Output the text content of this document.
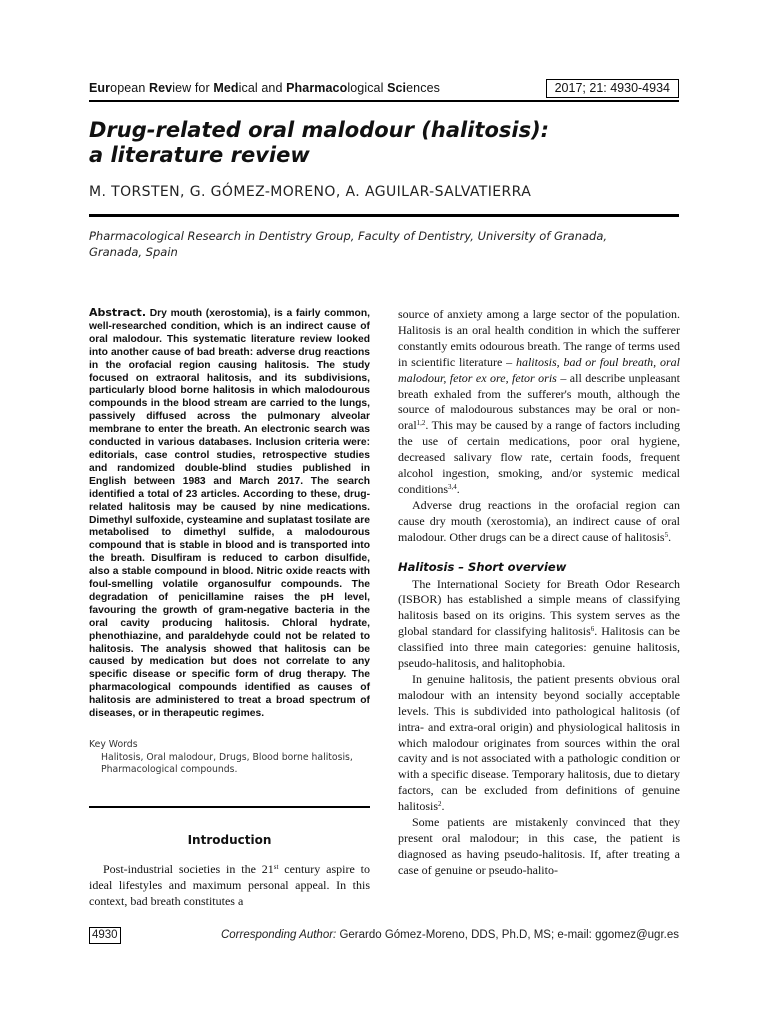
European Review for Medical and Pharmacological Sciences	2017; 21: 4930-4934
Drug-related oral malodour (halitosis):
a literature review
M. TORSTEN, G. GÓMEZ-MORENO, A. AGUILAR-SALVATIERRA
Pharmacological Research in Dentistry Group, Faculty of Dentistry, University of Granada,
Granada, Spain
Abstract. Dry mouth (xerostomia), is a fairly common, well-researched condition, which is an indirect cause of oral malodour. This systematic literature review looked into another cause of bad breath: adverse drug reactions in the orofacial region causing halitosis. The study focused on extraoral halitosis, and its subdivisions, particularly blood borne halitosis in which malodourous compounds in the blood stream are carried to the lungs, passively diffused across the pulmonary alveolar membrane to enter the breath. An electronic search was conducted in various databases. Inclusion criteria were: editorials, case control studies, retrospective studies and randomized double-blind studies published in English between 1983 and March 2017. The search identified a total of 23 articles. According to these, drug-related halitosis may be caused by nine medications. Dimethyl sulfoxide, cysteamine and suplatast tosilate are metabolised to dimethyl sulfide, a malodourous compound that is stable in blood and is transported into the breath. Disulfiram is reduced to carbon disulfide, also a stable compound in blood. Nitric oxide reacts with foul-smelling volatile organosulfur compounds. The degradation of penicillamine raises the pH level, favouring the growth of gram-negative bacteria in the oral cavity producing halitosis. Chloral hydrate, phenothiazine, and paraldehyde could not be related to halitosis. The analysis showed that halitosis can be caused by medication but does not correlate to any specific disease or specific form of drug therapy. The pharmacological compounds identified as causes of halitosis are administered to treat a broad spectrum of diseases, or in therapeutic regimes.
Key Words
Halitosis, Oral malodour, Drugs, Blood borne halitosis, Pharmacological compounds.
Introduction
Post-industrial societies in the 21st century aspire to ideal lifestyles and maximum personal appeal. In this context, bad breath constitutes a

source of anxiety among a large sector of the population. Halitosis is an oral health condition in which the sufferer constantly emits odourous breath. The range of terms used in scientific literature – halitosis, bad or foul breath, oral malodour, fetor ex ore, fetor oris – all describe unpleasant breath exhaled from the sufferer's mouth, although the source of malodourous substances may be oral or non-oral$^{1,2}$. This may be caused by a range of factors including the use of certain medications, poor oral hygiene, decreased salivary flow rate, certain foods, frequent alcohol ingestion, smoking, and/or systemic medical conditions$^{3,4}$.

Adverse drug reactions in the orofacial region can cause dry mouth (xerostomia), an indirect cause of oral malodour. Other drugs can be a direct cause of halitosis$^5$.

Halitosis – Short overview

The International Society for Breath Odor Research (ISBOR) has established a simple means of classifying halitosis based on its origins. This system serves as the global standard for classifying halitosis$^6$. Halitosis can be classified into three main categories: genuine halitosis, pseudo-halitosis, and halitophobia.

In genuine halitosis, the patient presents obvious oral malodour with an intensity beyond socially acceptable levels. This is subdivided into pathological halitosis (of intra- and extra-oral origin) and physiological halitosis in which malodour originates from sources within the oral cavity and is not associated with a pathologic condition or with a specific disease. Temporary halitosis, due to dietary factors, can be excluded from definitions of genuine halitosis$^2$.

Some patients are mistakenly convinced that they present oral malodour; in this case, the patient is diagnosed as having pseudo-halitosis. If, after treating a case of genuine or pseudo-halito-

4930	Corresponding Author: Gerardo Gómez-Moreno, DDS, Ph.D, MS; e-mail: ggomez@ugr.es
